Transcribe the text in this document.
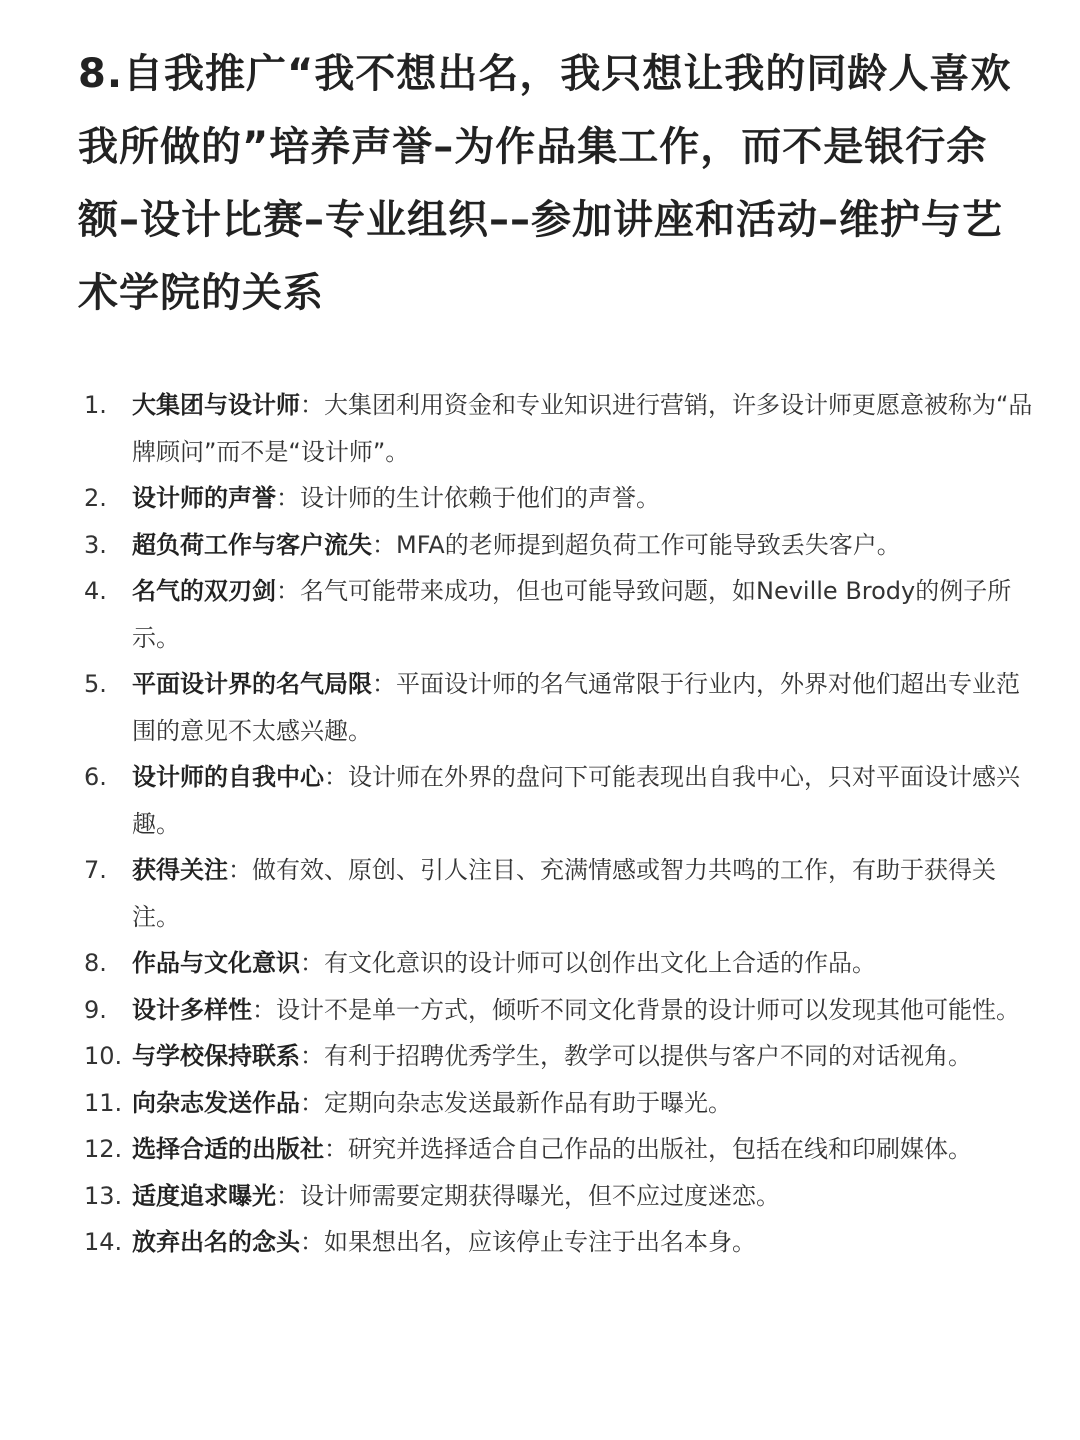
8.自我推广“我不想出名，我只想让我的同龄人喜欢我所做的”培养声誉–为作品集工作，而不是银行余额–设计比赛–专业组织––参加讲座和活动–维护与艺术学院的关系
1. 大集团与设计师：大集团利用资金和专业知识进行营销，许多设计师更愿意被称为“品牌顾问”而不是“设计师”。
2. 设计师的声誉：设计师的生计依赖于他们的声誉。
3. 超负荷工作与客户流失：MFA的老师提到超负荷工作可能导致丢失客户。
4. 名气的双刃剑：名气可能带来成功，但也可能导致问题，如Neville Brody的例子所示。
5. 平面设计界的名气局限：平面设计师的名气通常限于行业内，外界对他们超出专业范围的意见不太感兴趣。
6. 设计师的自我中心：设计师在外界的盘问下可能表现出自我中心，只对平面设计感兴趣。
7. 获得关注：做有效、原创、引人注目、充满情感或智力共鸣的工作，有助于获得关注。
8. 作品与文化意识：有文化意识的设计师可以创作出文化上合适的作品。
9. 设计多样性：设计不是单一方式，倾听不同文化背景的设计师可以发现其他可能性。
10. 与学校保持联系：有利于招聘优秀学生，教学可以提供与客户不同的对话视角。
11. 向杂志发送作品：定期向杂志发送最新作品有助于曝光。
12. 选择合适的出版社：研究并选择适合自己作品的出版社，包括在线和印刷媒体。
13. 适度追求曝光：设计师需要定期获得曝光，但不应过度迷恋。
14. 放弃出名的念头：如果想出名，应该停止专注于出名本身。
